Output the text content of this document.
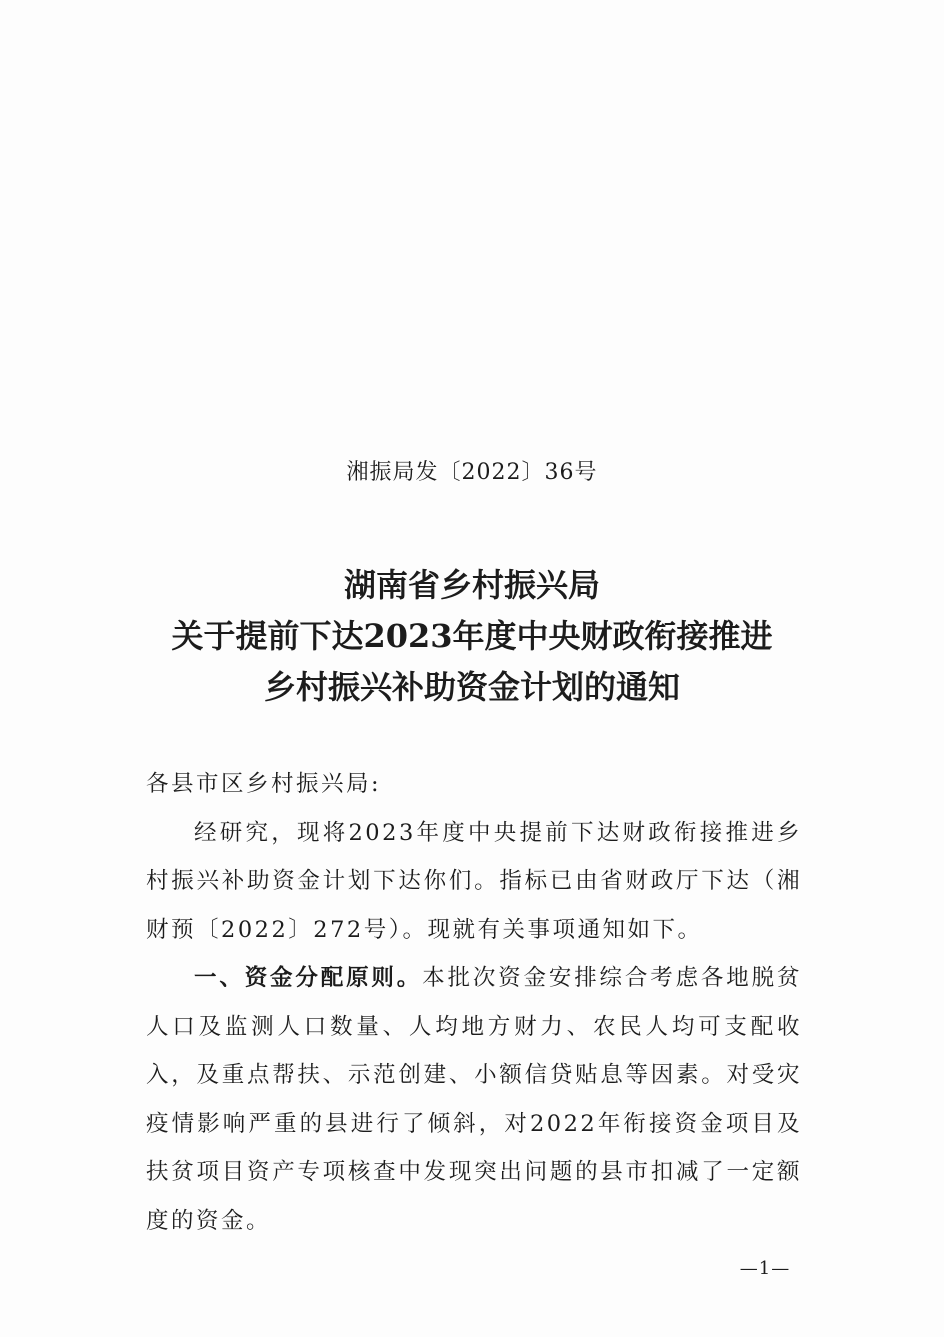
湘振局发〔2022〕36号
湖南省乡村振兴局
关于提前下达2023年度中央财政衔接推进
乡村振兴补助资金计划的通知

各县市区乡村振兴局:

经研究，现将2023年度中央提前下达财政衔接推进乡村振兴补助资金计划下达你们。指标已由省财政厅下达（湘财预〔2022〕272号）。现就有关事项通知如下。

一、资金分配原则。本批次资金安排综合考虑各地脱贫人口及监测人口数量、人均地方财力、农民人均可支配收入，及重点帮扶、示范创建、小额信贷贴息等因素。对受灾疫情影响严重的县进行了倾斜，对2022年衔接资金项目及扶贫项目资产专项核查中发现突出问题的县市扣减了一定额度的资金。

—1—
